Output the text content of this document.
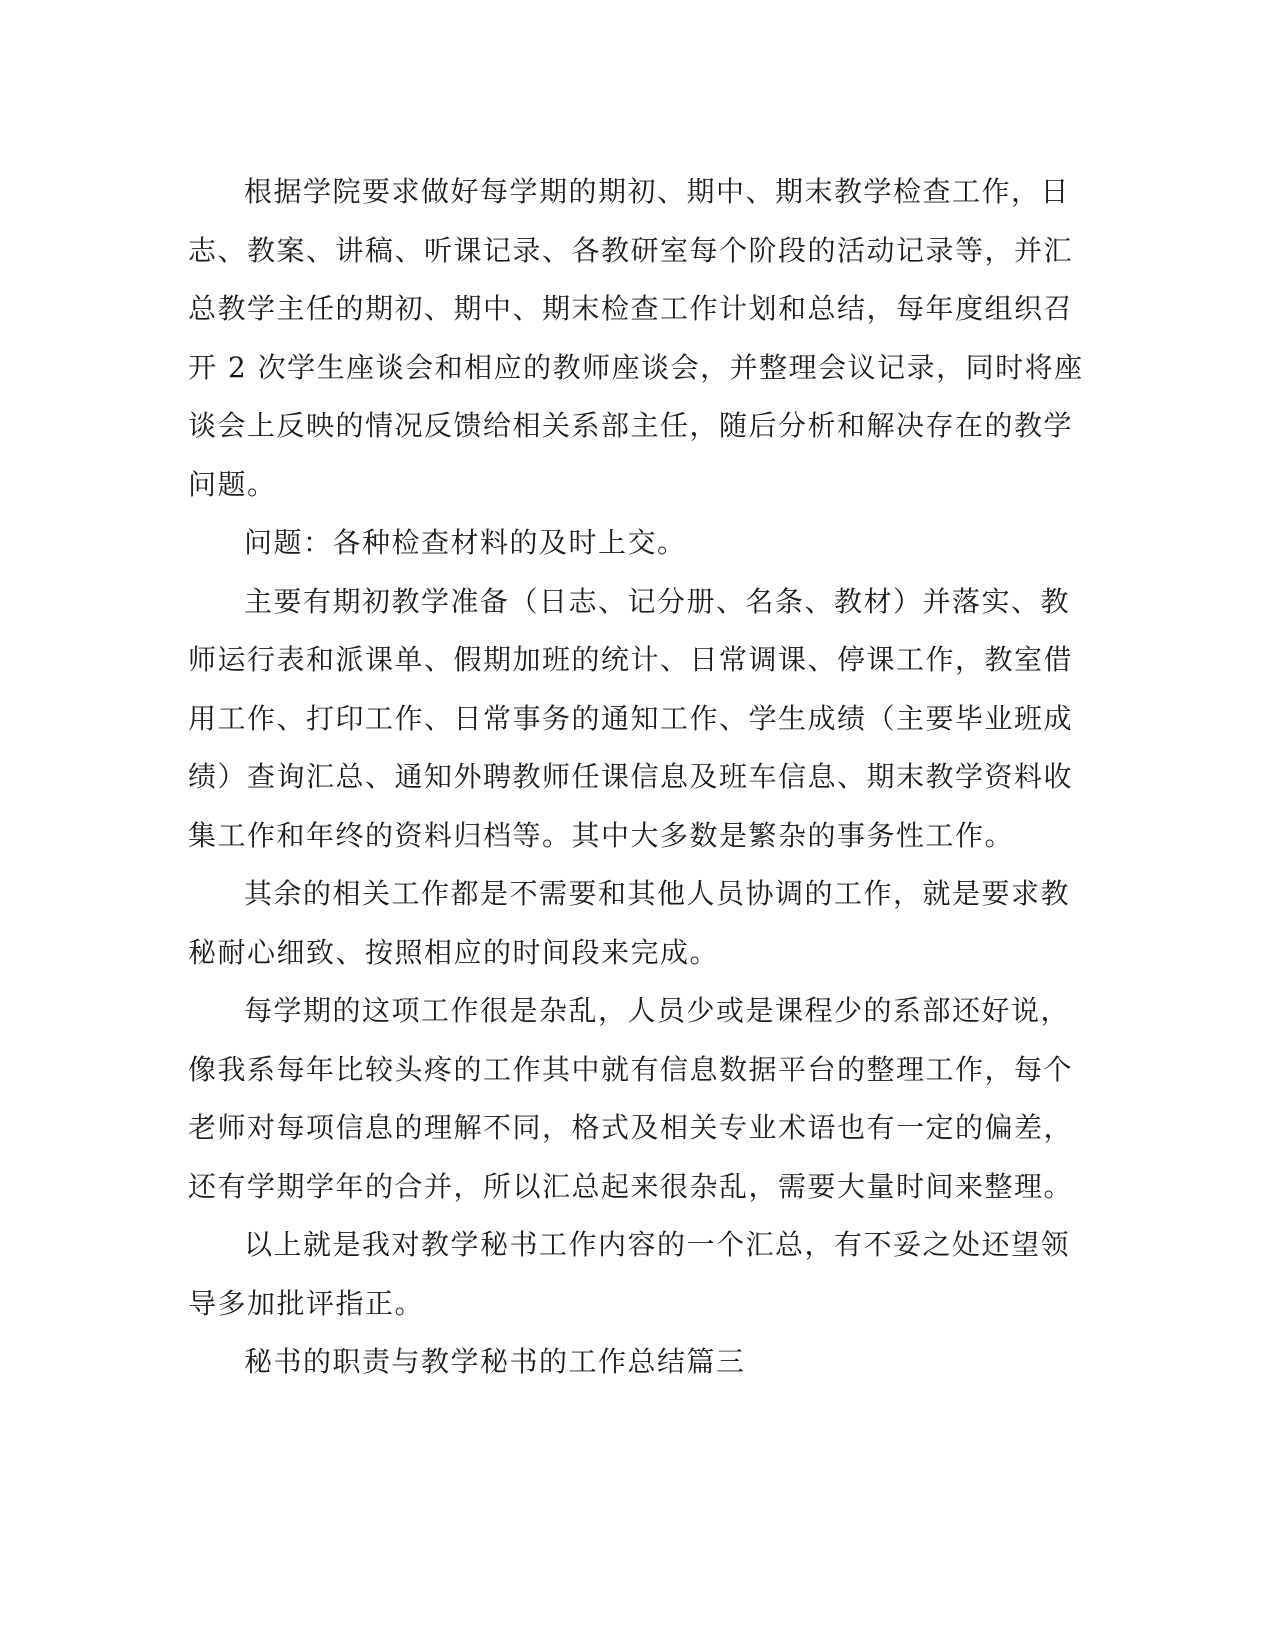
根据学院要求做好每学期的期初、期中、期末教学检查工作，日
志、教案、讲稿、听课记录、各教研室每个阶段的活动记录等，并汇
总教学主任的期初、期中、期末检查工作计划和总结，每年度组织召
开 2 次学生座谈会和相应的教师座谈会，并整理会议记录，同时将座
谈会上反映的情况反馈给相关系部主任，随后分析和解决存在的教学
问题。

问题：各种检查材料的及时上交。

主要有期初教学准备（日志、记分册、名条、教材）并落实、教
师运行表和派课单、假期加班的统计、日常调课、停课工作，教室借
用工作、打印工作、日常事务的通知工作、学生成绩（主要毕业班成
绩）查询汇总、通知外聘教师任课信息及班车信息、期末教学资料收
集工作和年终的资料归档等。其中大多数是繁杂的事务性工作。

其余的相关工作都是不需要和其他人员协调的工作，就是要求教
秘耐心细致、按照相应的时间段来完成。

每学期的这项工作很是杂乱，人员少或是课程少的系部还好说，
像我系每年比较头疼的工作其中就有信息数据平台的整理工作，每个
老师对每项信息的理解不同，格式及相关专业术语也有一定的偏差，
还有学期学年的合并，所以汇总起来很杂乱，需要大量时间来整理。

以上就是我对教学秘书工作内容的一个汇总，有不妥之处还望领
导多加批评指正。

秘书的职责与教学秘书的工作总结篇三
